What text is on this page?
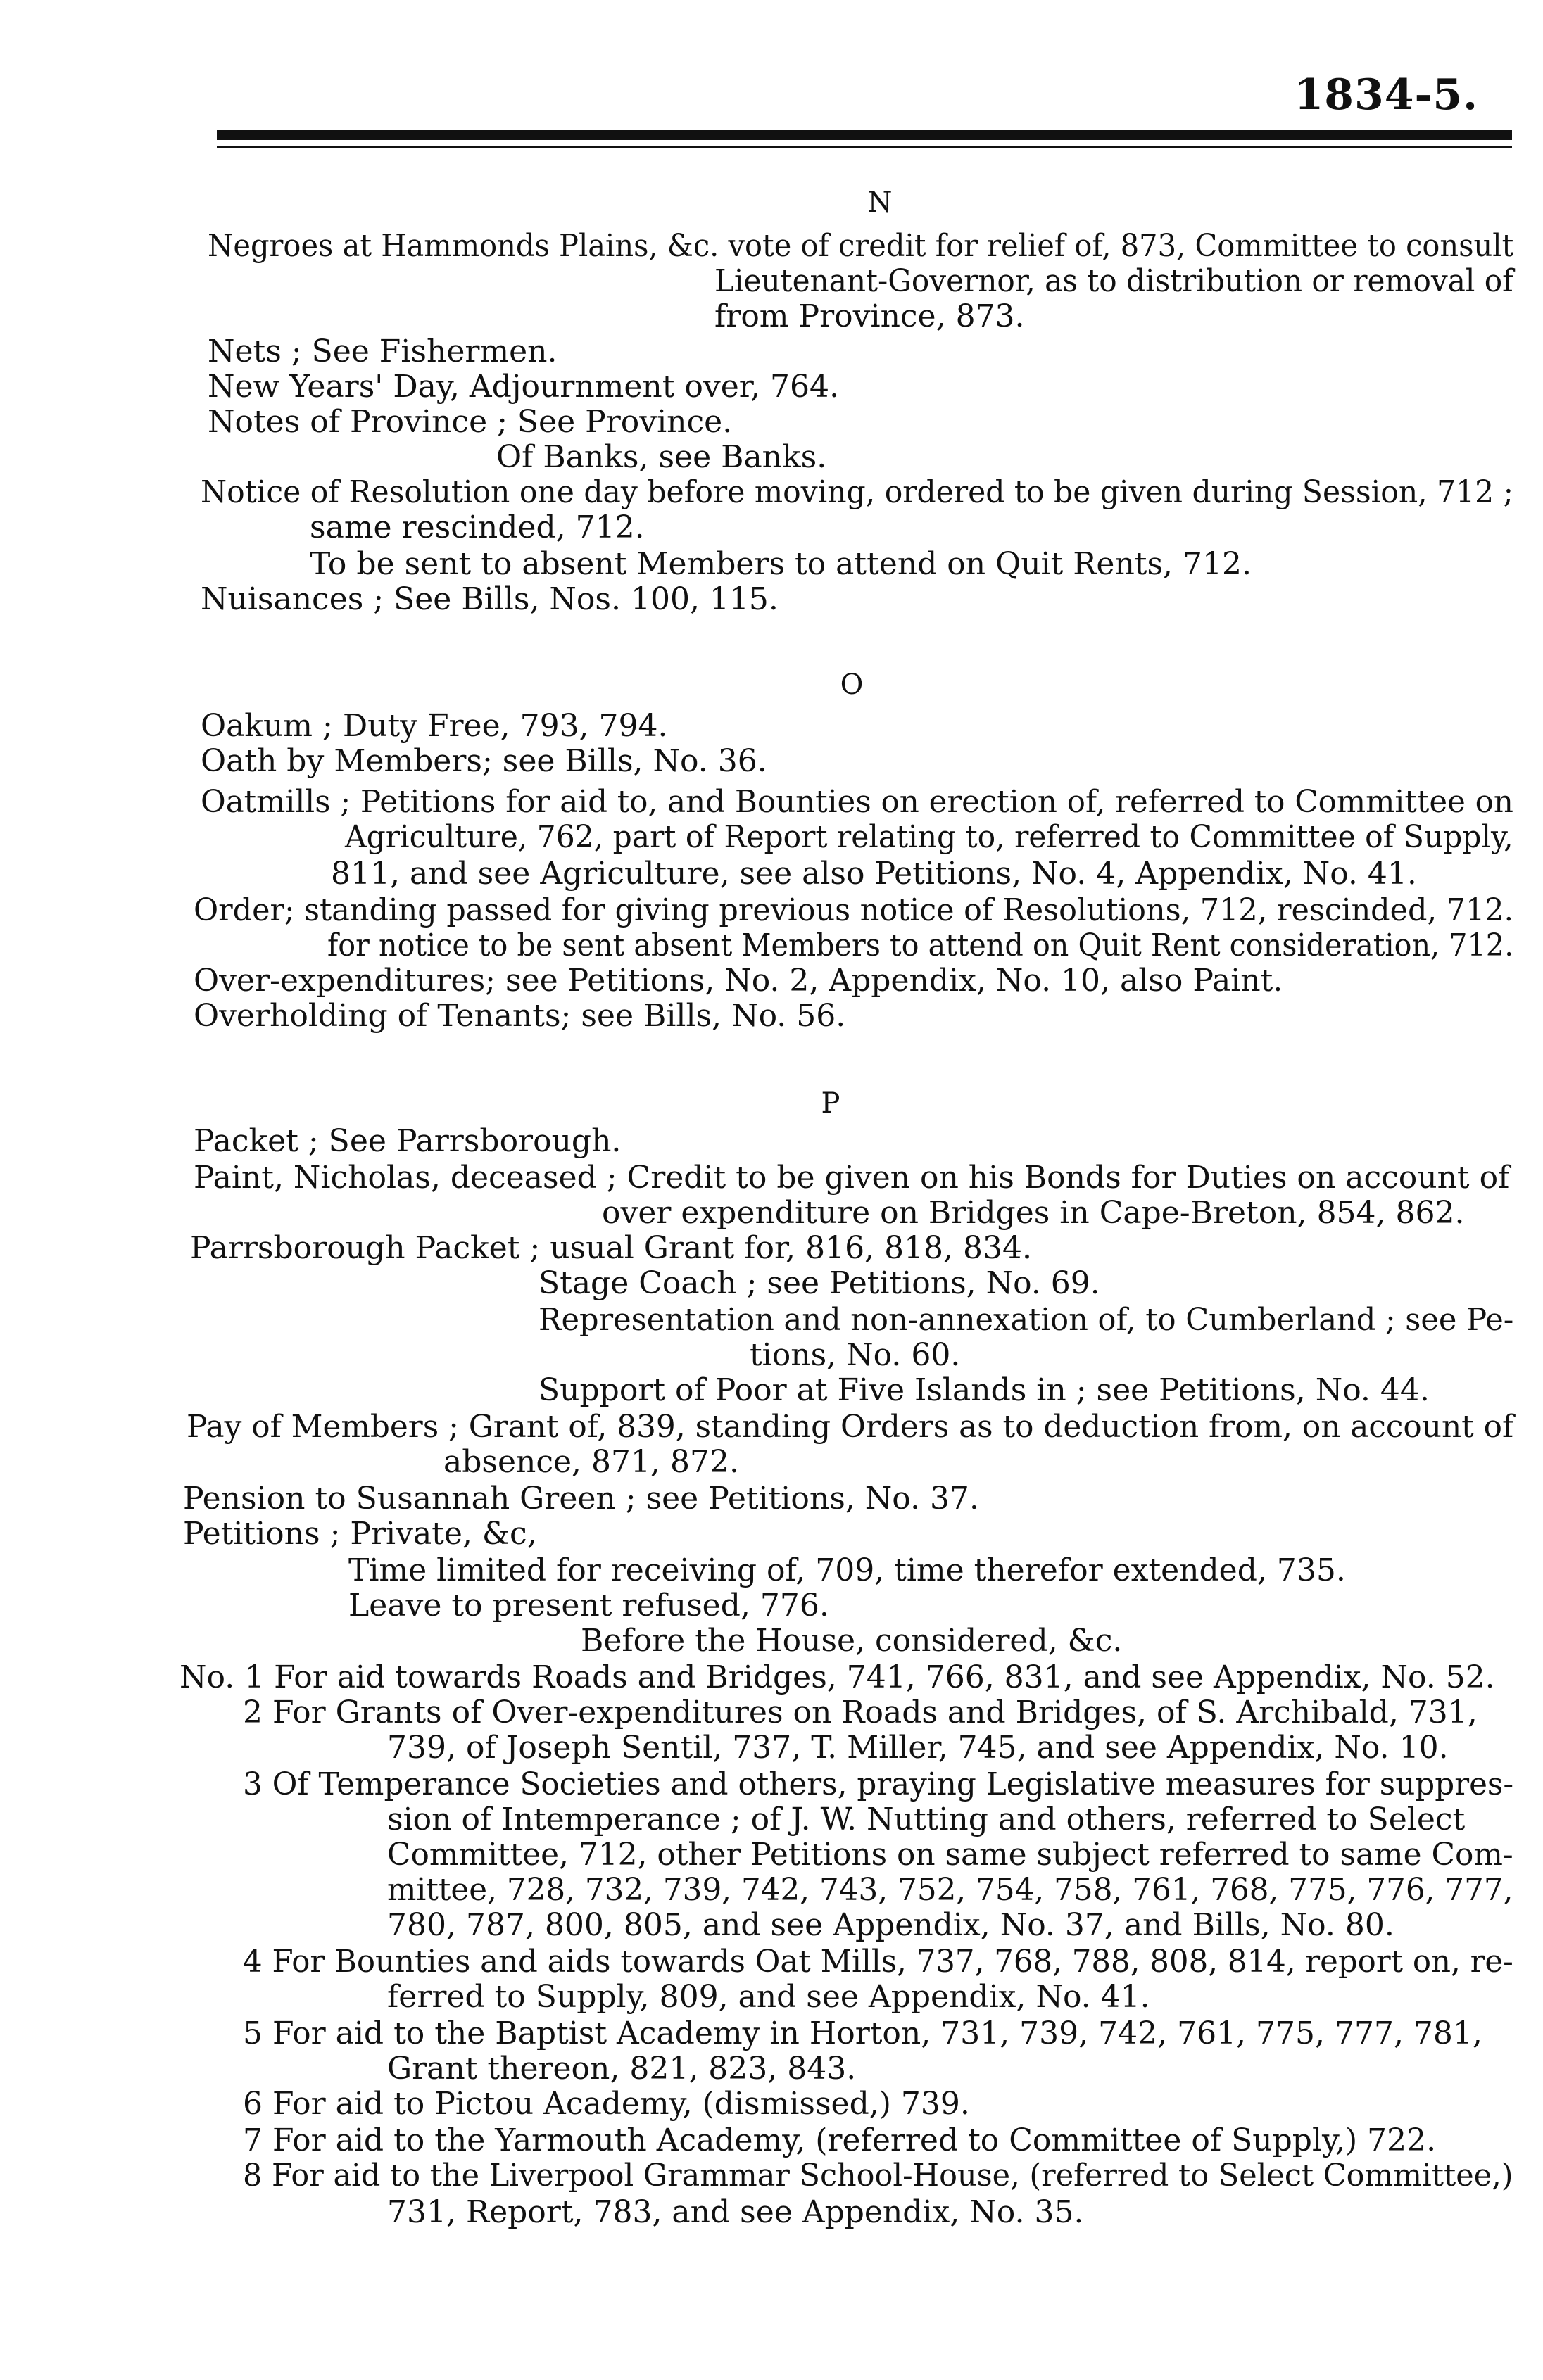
1834-5.
N
Negroes at Hammonds Plains, &c. vote of credit for relief of, 873, Committee to consult
Lieutenant-Governor, as to distribution or removal of
from Province, 873.
Nets ; See Fishermen.
New Years' Day, Adjournment over, 764.
Notes of Province ; See Province.
Of Banks, see Banks.
Notice of Resolution one day before moving, ordered to be given during Session, 712 ;
same rescinded, 712.
To be sent to absent Members to attend on Quit Rents, 712.
Nuisances ; See Bills, Nos. 100, 115.
O
Oakum ; Duty Free, 793, 794.
Oath by Members; see Bills, No. 36.
Oatmills ; Petitions for aid to, and Bounties on erection of, referred to Committee on
Agriculture, 762, part of Report relating to, referred to Committee of Supply,
811, and see Agriculture, see also Petitions, No. 4, Appendix, No. 41.
Order; standing passed for giving previous notice of Resolutions, 712, rescinded, 712.
for notice to be sent absent Members to attend on Quit Rent consideration, 712.
Over-expenditures; see Petitions, No. 2, Appendix, No. 10, also Paint.
Overholding of Tenants; see Bills, No. 56.
P
Packet ; See Parrsborough.
Paint, Nicholas, deceased ; Credit to be given on his Bonds for Duties on account of
over expenditure on Bridges in Cape-Breton, 854, 862.
Parrsborough Packet ; usual Grant for, 816, 818, 834.
Stage Coach ; see Petitions, No. 69.
Representation and non-annexation of, to Cumberland ; see Pe-
tions, No. 60.
Support of Poor at Five Islands in ; see Petitions, No. 44.
Pay of Members ; Grant of, 839, standing Orders as to deduction from, on account of
absence, 871, 872.
Pension to Susannah Green ; see Petitions, No. 37.
Petitions ; Private, &c,
Time limited for receiving of, 709, time therefor extended, 735.
Leave to present refused, 776.
Before the House, considered, &c.
No. 1 For aid towards Roads and Bridges, 741, 766, 831, and see Appendix, No. 52.
2 For Grants of Over-expenditures on Roads and Bridges, of S. Archibald, 731,
739, of Joseph Sentil, 737, T. Miller, 745, and see Appendix, No. 10.
3 Of Temperance Societies and others, praying Legislative measures for suppres-
sion of Intemperance ; of J. W. Nutting and others, referred to Select
Committee, 712, other Petitions on same subject referred to same Com-
mittee, 728, 732, 739, 742, 743, 752, 754, 758, 761, 768, 775, 776, 777,
780, 787, 800, 805, and see Appendix, No. 37, and Bills, No. 80.
4 For Bounties and aids towards Oat Mills, 737, 768, 788, 808, 814, report on, re-
ferred to Supply, 809, and see Appendix, No. 41.
5 For aid to the Baptist Academy in Horton, 731, 739, 742, 761, 775, 777, 781,
Grant thereon, 821, 823, 843.
6 For aid to Pictou Academy, (dismissed,) 739.
7 For aid to the Yarmouth Academy, (referred to Committee of Supply,) 722.
8 For aid to the Liverpool Grammar School-House, (referred to Select Committee,)
731, Report, 783, and see Appendix, No. 35.
